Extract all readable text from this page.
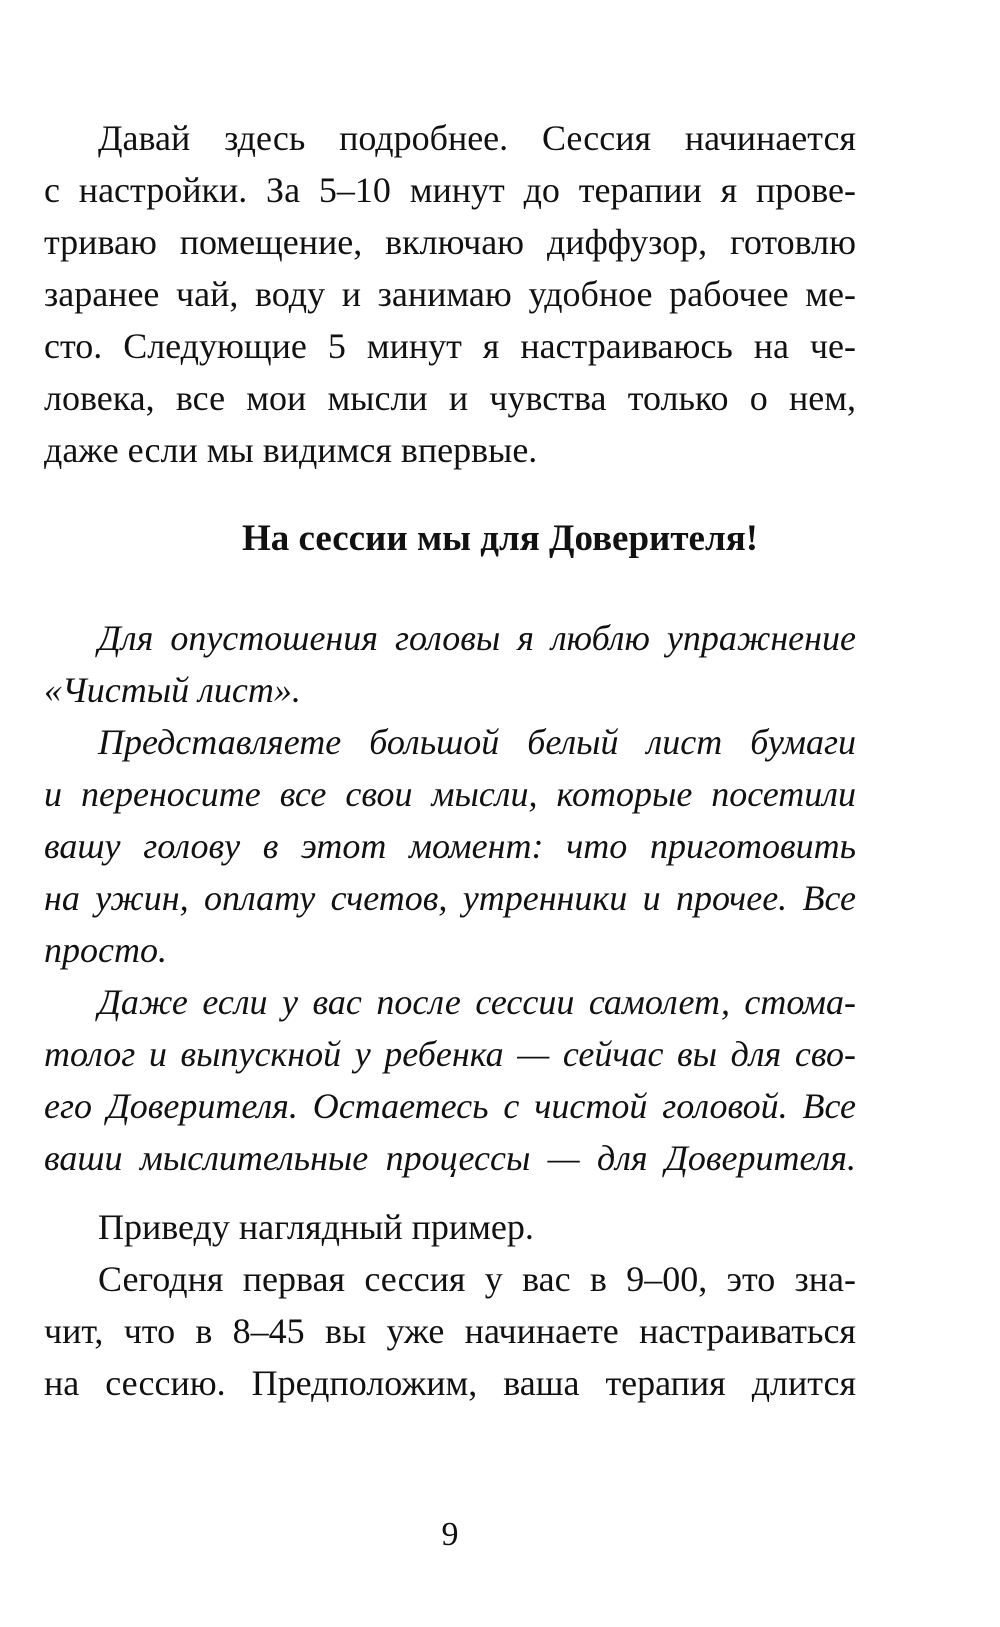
Давай здесь подробнее. Сессия начинается
с настройки. За 5–10 минут до терапии я прове-
триваю помещение, включаю диффузор, готовлю
заранее чай, воду и занимаю удобное рабочее ме-
сто. Следующие 5 минут я настраиваюсь на че-
ловека, все мои мысли и чувства только о нем,
даже если мы видимся впервые.
На сессии мы для Доверителя!
Для опустошения головы я люблю упражнение
«Чистый лист».
Представляете большой белый лист бумаги
и переносите все свои мысли, которые посетили
вашу голову в этот момент: что приготовить
на ужин, оплату счетов, утренники и прочее. Все
просто.
Даже если у вас после сессии самолет, стома-
толог и выпускной у ребенка — сейчас вы для сво-
его Доверителя. Остаетесь с чистой головой. Все
ваши мыслительные процессы — для Доверителя.
Приведу наглядный пример.
Сегодня первая сессия у вас в 9–00, это зна-
чит, что в 8–45 вы уже начинаете настраиваться
на сессию. Предположим, ваша терапия длится
9
